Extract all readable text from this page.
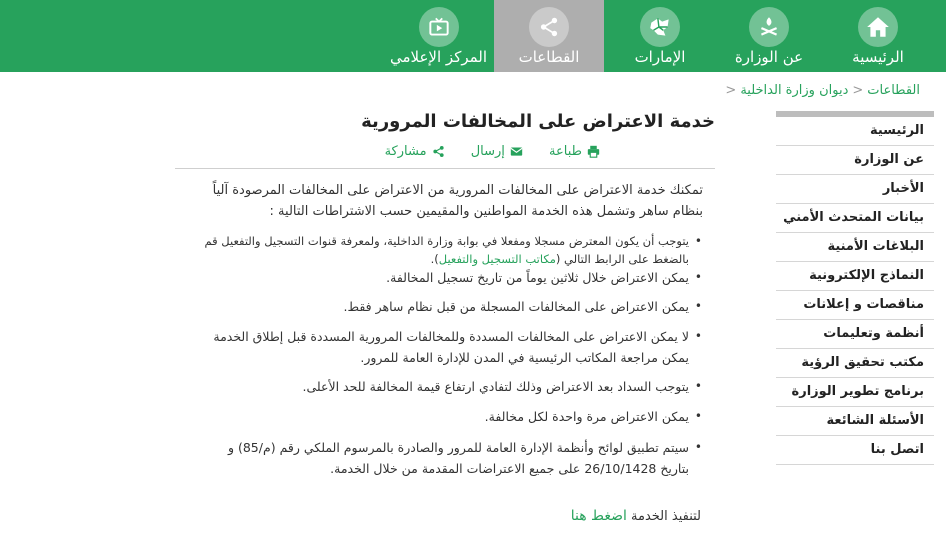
الرئيسية
عن الوزارة
الإمارات
القطاعات
المركز الإعلامي
القطاعات<ديوان وزارة الداخلية<
الرئيسية
عن الوزارة
الأخبار
بيانات المتحدث الأمني
البلاغات الأمنية
النماذج الإلكترونية
مناقصات و إعلانات
أنظمة وتعليمات
مكتب تحقيق الرؤية
برنامج تطوير الوزارة
الأسئلة الشائعة
اتصل بنا
خدمة الاعتراض على المخالفات المرورية
طباعة

إرسال

مشاركة
تمكنك خدمة الاعتراض على المخالفات المرورية من الاعتراض على المخالفات المرصودة آلياً بنظام ساهر وتشمل هذه الخدمة المواطنين والمقيمين حسب الاشتراطات التالية :
• يتوجب أن يكون المعترض مسجلا ومفعلا في بوابة وزارة الداخلية، ولمعرفة قنوات التسجيل والتفعيل قم بالضغط على الرابط التالي (مكاتب التسجيل والتفعيل).
• يمكن الاعتراض خلال ثلاثين يوماً من تاريخ تسجيل المخالفة.
• يمكن الاعتراض على المخالفات المسجلة من قبل نظام ساهر فقط.
• لا يمكن الاعتراض على المخالفات المسددة وللمخالفات المرورية المسددة قبل إطلاق الخدمة يمكن مراجعة المكاتب الرئيسية في المدن للإدارة العامة للمرور.
• يتوجب السداد بعد الاعتراض وذلك لتفادي ارتفاع قيمة المخالفة للحد الأعلى.
• يمكن الاعتراض مرة واحدة لكل مخالفة.
• سيتم تطبيق لوائح وأنظمة الإدارة العامة للمرور والصادرة بالمرسوم الملكي رقم (م/85) و بتاريخ 26/10/1428 على جميع الاعتراضات المقدمة من خلال الخدمة.
لتنفيذ الخدمة اضغط هنا
